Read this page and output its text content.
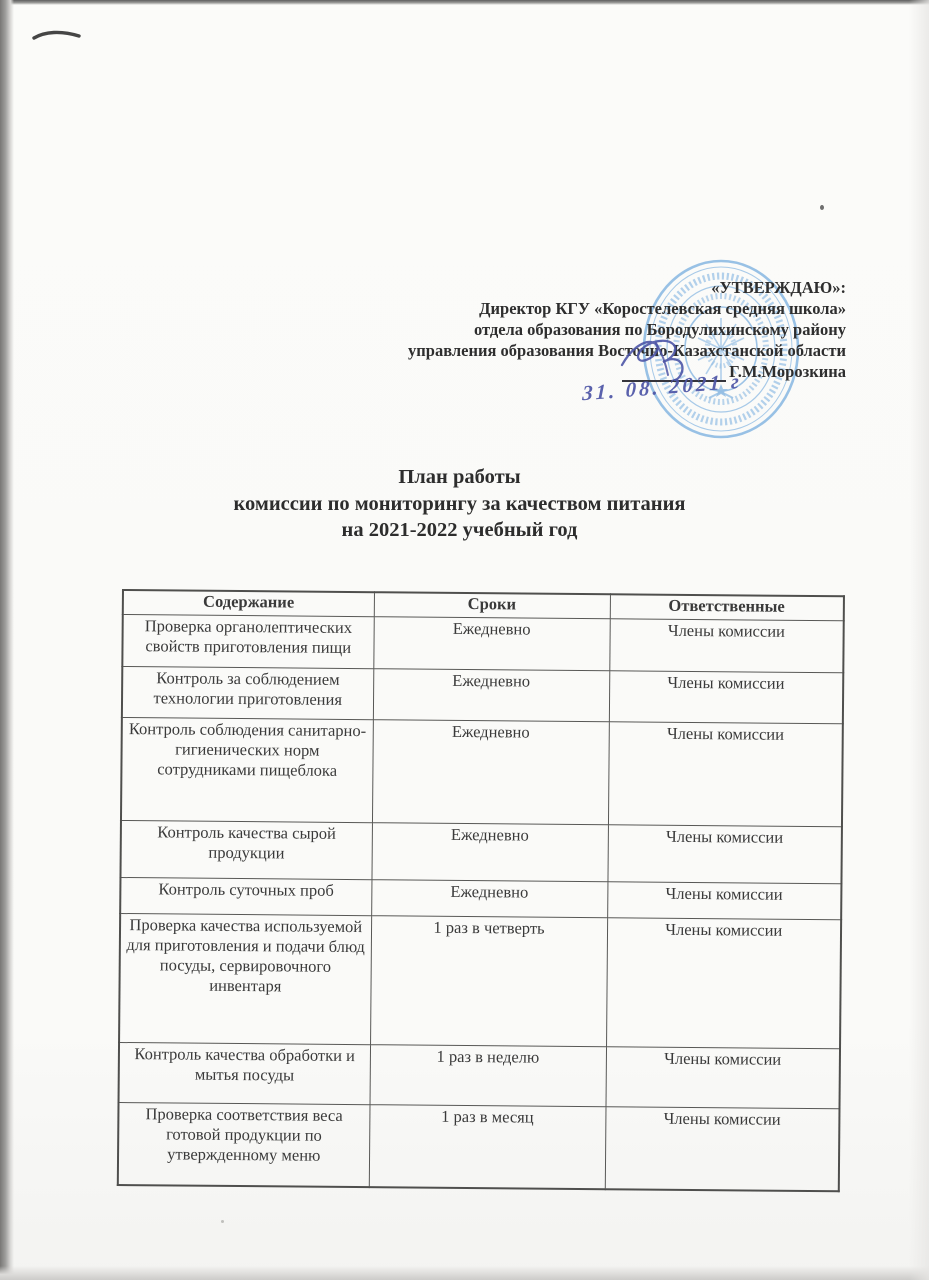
«УТВЕРЖДАЮ»:
Директор КГУ «Коростелевская средняя школа»
отдела образования по Бородулихинскому району
управления образования Восточно-Казахстанской области
Г.М.Морозкина
31. 08. 2021 г
План работы
комиссии по мониторингу за качеством питания
на 2021-2022 учебный год
Содержание	Сроки	Ответственные
Проверка органолептических свойств приготовления пищи	Ежедневно	Члены комиссии
Контроль за соблюдением технологии приготовления	Ежедневно	Члены комиссии
Контроль соблюдения санитарно-гигиенических норм сотрудниками пищеблока	Ежедневно	Члены комиссии
Контроль качества сырой продукции	Ежедневно	Члены комиссии
Контроль суточных проб	Ежедневно	Члены комиссии
Проверка качества используемой для приготовления и подачи блюд посуды, сервировочного инвентаря	1 раз в четверть	Члены комиссии
Контроль качества обработки и мытья посуды	1 раз в неделю	Члены комиссии
Проверка соответствия веса готовой продукции по утвержденному меню	1 раз в месяц	Члены комиссии
